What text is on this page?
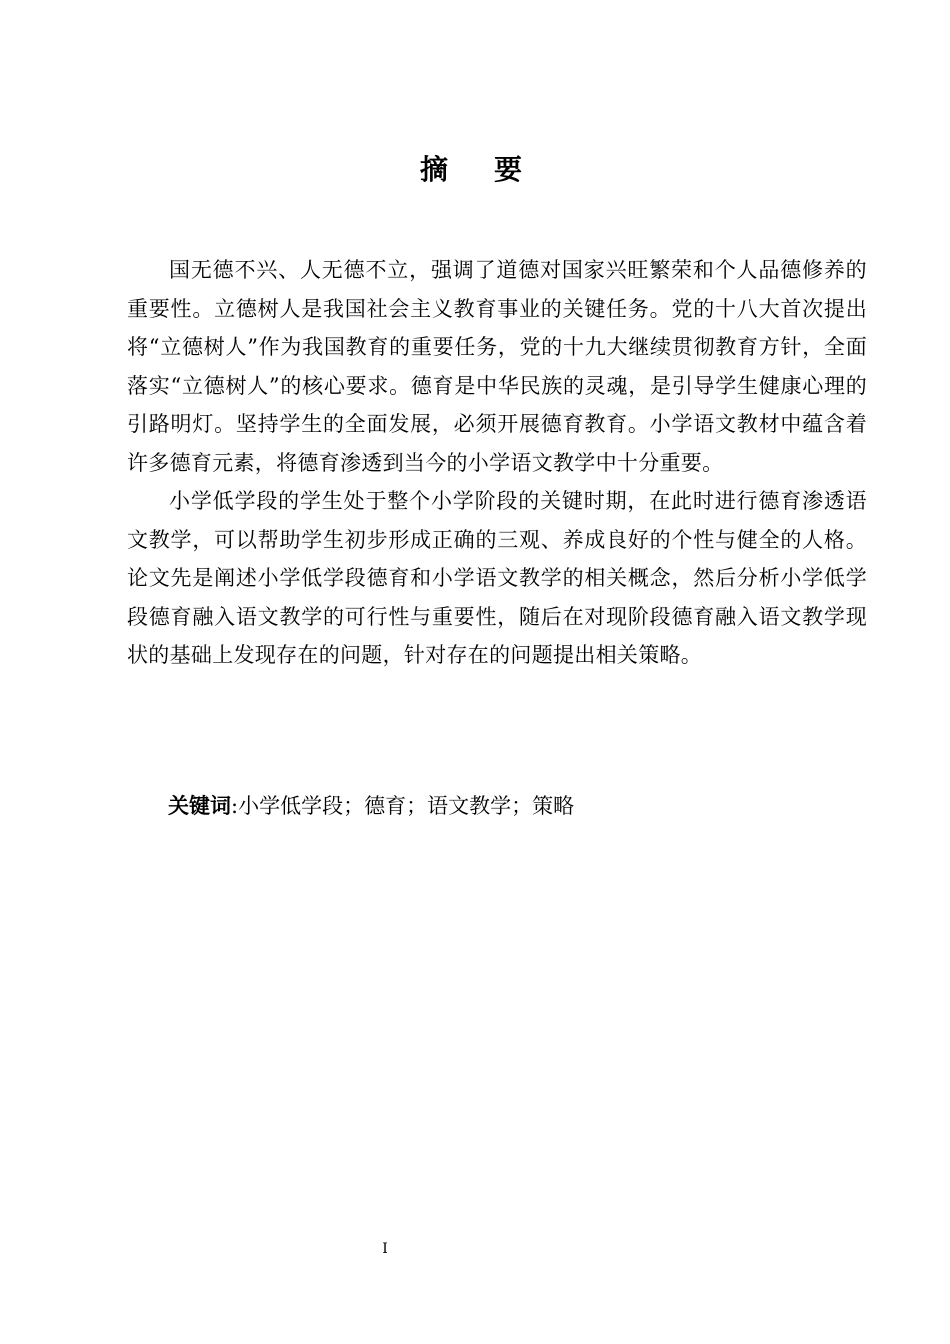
摘要

国无德不兴、人无德不立，强调了道德对国家兴旺繁荣和个人品德修养的重要性。立德树人是我国社会主义教育事业的关键任务。党的十八大首次提出将“立德树人”作为我国教育的重要任务，党的十九大继续贯彻教育方针，全面落实“立德树人”的核心要求。德育是中华民族的灵魂，是引导学生健康心理的引路明灯。坚持学生的全面发展，必须开展德育教育。小学语文教材中蕴含着许多德育元素，将德育渗透到当今的小学语文教学中十分重要。

小学低学段的学生处于整个小学阶段的关键时期，在此时进行德育渗透语文教学，可以帮助学生初步形成正确的三观、养成良好的个性与健全的人格。论文先是阐述小学低学段德育和小学语文教学的相关概念，然后分析小学低学段德育融入语文教学的可行性与重要性，随后在对现阶段德育融入语文教学现状的基础上发现存在的问题，针对存在的问题提出相关策略。

关键词:小学低学段；德育；语文教学；策略
I
